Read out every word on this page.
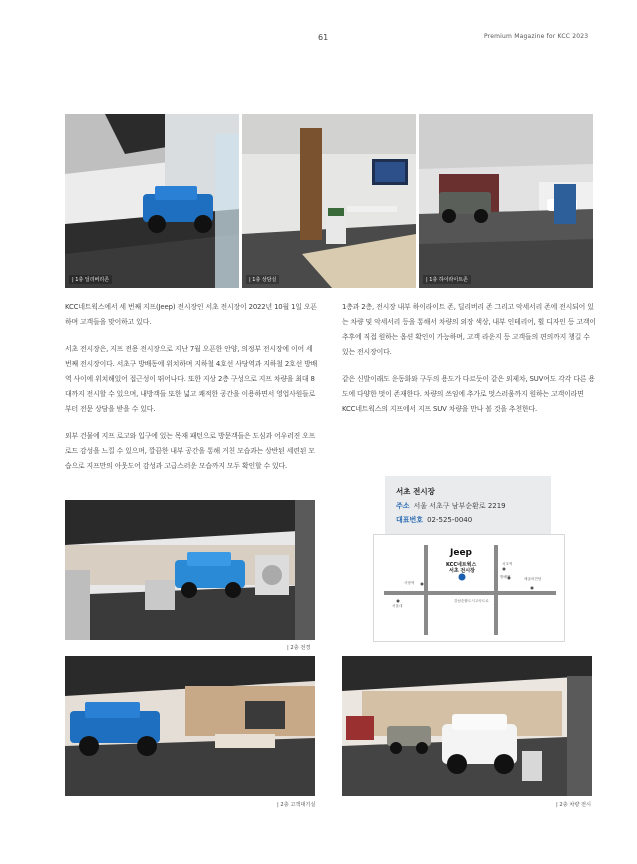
61	Premium Magazine for KCC 2023
| 1층 딜리버리존	| 1층 상담실	| 1층 하이라이트존

KCC네트웍스에서 세 번째 지프(Jeep) 전시장인 서초 전시장이 2022년 10월 1일 오픈하며 고객들을 맞이하고 있다.

서초 전시장은, 지프 전용 전시장으로 지난 7월 오픈한 안양, 의정부 전시장에 이어 세 번째 전시장이다. 서초구 방배동에 위치하며 지하철 4호선 사당역과 지하철 2호선 방배역 사이에 위치해있어 접근성이 뛰어나다. 또한 지상 2층 구성으로 지프 차량을 최대 8대까지 전시할 수 있으며, 내방객들 또한 넓고 쾌적한 공간을 이용하면서 영업사원들로부터 전문 상담을 받을 수 있다.

외부 건물에 지프 로고와 입구에 있는 목재 패턴으로 방문객들은 도심과 어우러진 오프로드 감성을 느낄 수 있으며, 깔끔한 내부 공간을 통해 거친 모습과는 상반된 세련된 모습으로 지프만의 아웃도어 감성과 고급스러운 모습까지 모두 확인할 수 있다.

1층과 2층, 전시장 내부 하이라이트 존, 딜리버리 존 그리고 악세서리 존에 전시되어 있는 차량 및 악세서리 등을 통해서 차량의 외장 색상, 내부 인테리어, 휠 디자인 등 고객이 추후에 직접 원하는 옵션 확인이 가능하며, 고객 라운지 등 고객들의 편의까지 챙길 수 있는 전시장이다.

같은 신발이래도 운동화와 구두의 용도가 다르듯이 같은 외제차, SUV여도 각각 다른 용도에 다양한 멋이 존재한다. 차량의 쓰임에 추가로 멋스러움까지 원하는 고객이라면 KCC네트웍스의 지프에서 지프 SUV 차량을 만나 볼 것을 추천한다.

| 2층 전경
서초 전시장
주소 서울 서초구 남부순환로 2219
대표번호 02-525-0040
Jeep
KCC네트웍스
서초 전시장
서초역
방배역
사당역
예술의전당
서울대
강남순환도시고속도로
| 2층 고객대기실	| 2층 차량 전시
